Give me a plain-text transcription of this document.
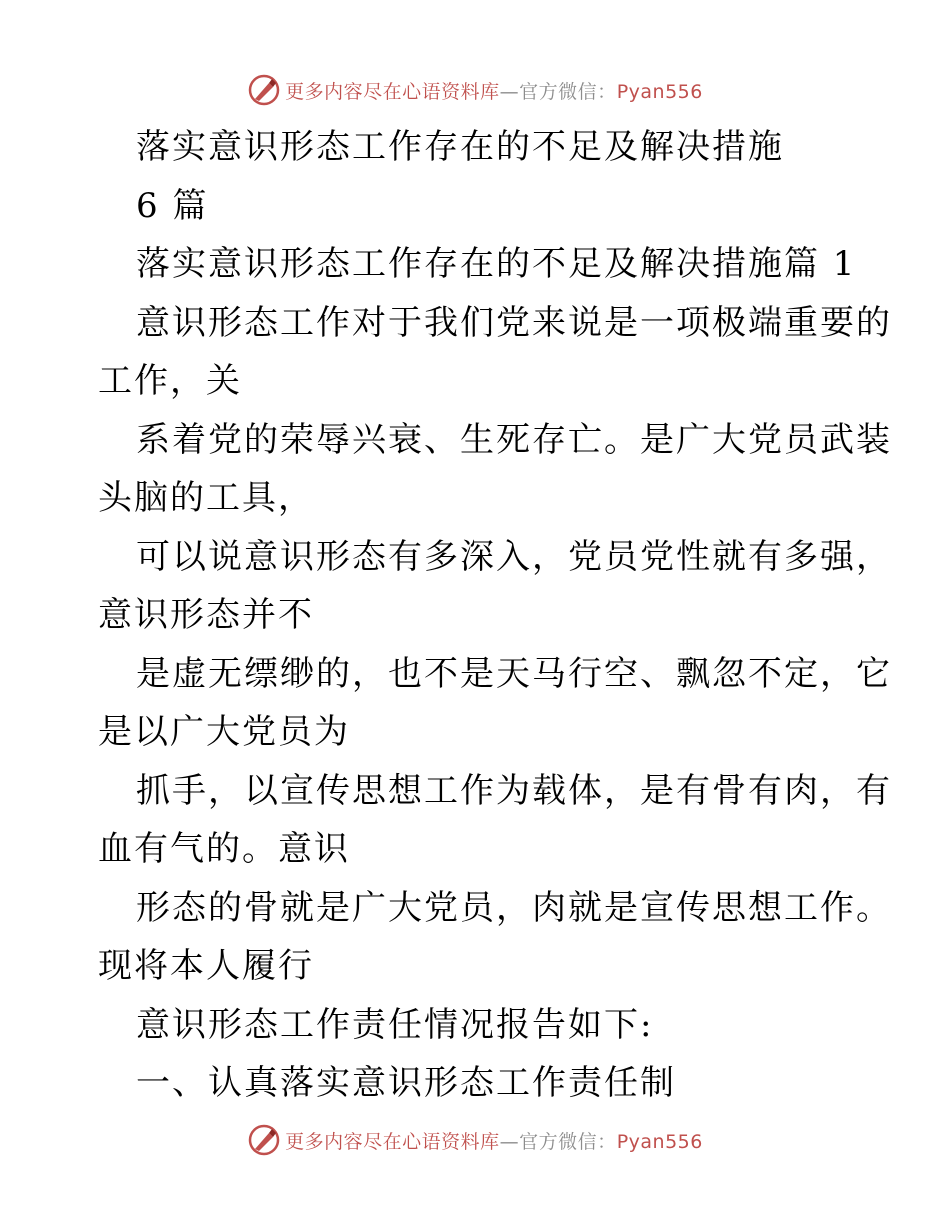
更多内容尽在心语资料库—官方微信：Pyan556
落实意识形态工作存在的不足及解决措施
6 篇
落实意识形态工作存在的不足及解决措施篇 1
意识形态工作对于我们党来说是一项极端重要的
工作，关
系着党的荣辱兴衰、生死存亡。是广大党员武装
头脑的工具，
可以说意识形态有多深入，党员党性就有多强，
意识形态并不
是虚无缥缈的，也不是天马行空、飘忽不定，它
是以广大党员为
抓手，以宣传思想工作为载体，是有骨有肉，有
血有气的。意识
形态的骨就是广大党员，肉就是宣传思想工作。
现将本人履行
意识形态工作责任情况报告如下:
一、认真落实意识形态工作责任制
更多内容尽在心语资料库—官方微信：Pyan556
